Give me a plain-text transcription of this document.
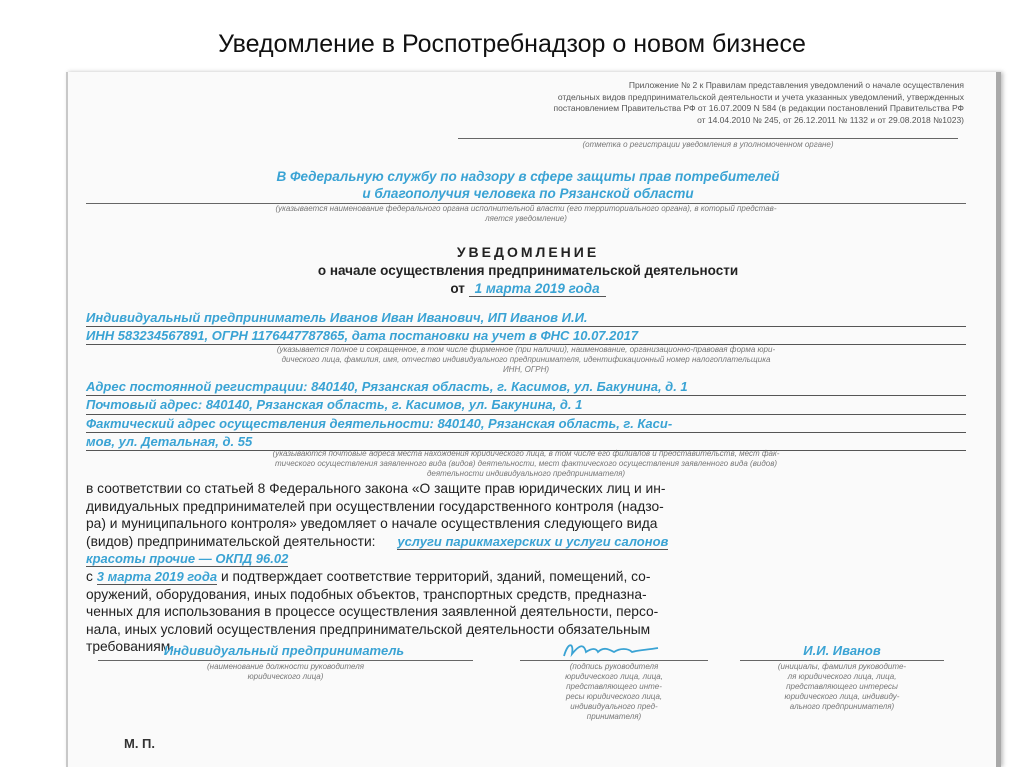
Уведомление в Роспотребнадзор о новом бизнесе
Приложение № 2 к Правилам представления уведомлений о начале осуществления
отдельных видов предпринимательской деятельности и учета указанных уведомлений, утвержденных
постановлением Правительства РФ от 16.07.2009 N 584 (в редакции постановлений Правительства РФ
от 14.04.2010 № 245, от 26.12.2011 № 1132 и от 29.08.2018 №1023)
(отметка о регистрации уведомления в уполномоченном органе)
В Федеральную службу по надзору в сфере защиты прав потребителей
и благополучия человека по Рязанской области
(указывается наименование федерального органа исполнительной власти (его территориального органа), в который представ-
ляется уведомление)
УВЕДОМЛЕНИЕ
о начале осуществления предпринимательской деятельности
от 1 марта 2019 года
Индивидуальный предприниматель Иванов Иван Иванович, ИП Иванов И.И.
ИНН 583234567891, ОГРН 1176447787865, дата постановки на учет в ФНС 10.07.2017
(указывается полное и сокращенное, в том числе фирменное (при наличии), наименование, организационно-правовая форма юри-
дического лица, фамилия, имя, отчество индивидуального предпринимателя, идентификационный номер налогоплательщика
ИНН, ОГРН)
Адрес постоянной регистрации: 840140, Рязанская область, г. Касимов, ул. Бакунина, д. 1
Почтовый адрес: 840140, Рязанская область, г. Касимов, ул. Бакунина, д. 1
Фактический адрес осуществления деятельности: 840140, Рязанская область, г. Каси-
мов, ул. Детальная, д. 55
(указываются почтовые адреса места нахождения юридического лица, в том числе его филиалов и представительств, мест фак-
тического осуществления заявленного вида (видов) деятельности, мест фактического осуществления заявленного вида (видов)
деятельности индивидуального предпринимателя)
в соответствии со статьей 8 Федерального закона «О защите прав юридических лиц и ин-
дивидуальных предпринимателей при осуществлении государственного контроля (надзо-
ра) и муниципального контроля» уведомляет о начале осуществления следующего вида
(видов) предпринимательской деятельности: услуги парикмахерских и услуги салонов
красоты прочие — ОКПД 96.02
с 3 марта 2019 года и подтверждает соответствие территорий, зданий, помещений, со-
оружений, оборудования, иных подобных объектов, транспортных средств, предназна-
ченных для использования в процессе осуществления заявленной деятельности, персо-
нала, иных условий осуществления предпринимательской деятельности обязательным
требованиям.
Индивидуальный предприниматель
(наименование должности руководителя
юридического лица)
(подпись руководителя
юридического лица, лица,
представляющего инте-
ресы юридического лица,
индивидуального пред-
принимателя)
И.И. Иванов
(инициалы, фамилия руководите-
ля юридического лица, лица,
представляющего интересы
юридического лица, индивиду-
ального предпринимателя)
М. П.
